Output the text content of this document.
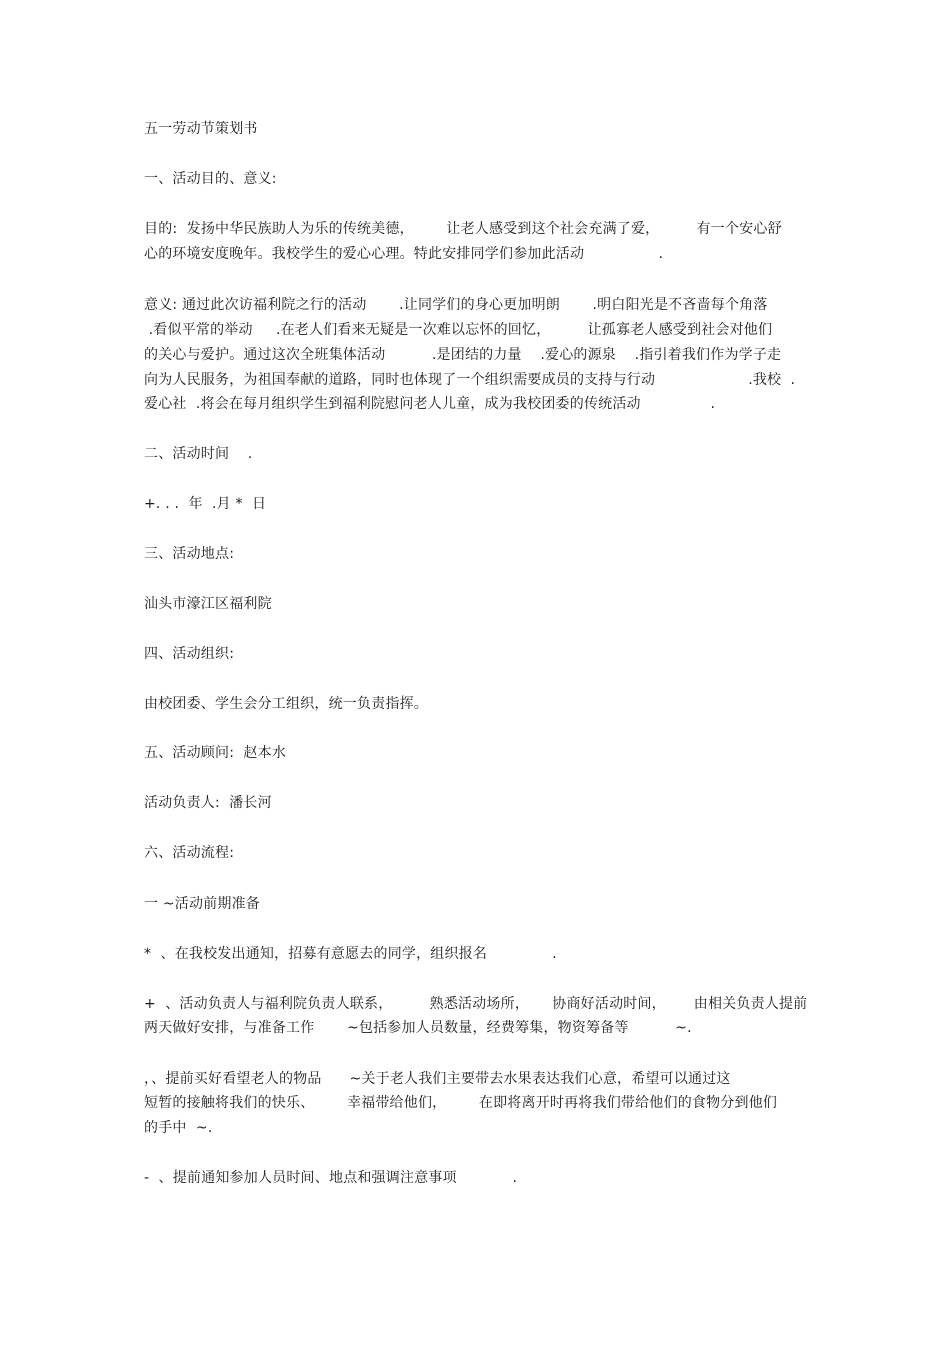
五一劳动节策划书
一、活动目的、意义:
目的:  发扬中华民族助人为乐的传统美德，       让老人感受到这个社会充满了爱，        有一个安心舒
心的环境安度晚年。我校学生的爱心心理。特此安排同学们参加此活动                .
意义: 通过此次访福利院之行的活动       .让同学们的身心更加明朗       .明白阳光是不吝啬每个角落
.看似平常的举动     .在老人们看来无疑是一次难以忘怀的回忆，        让孤寡老人感受到社会对他们
的关心与爱护。通过这次全班集体活动          .是团结的力量    .爱心的源泉    .指引着我们作为学子走
向为人民服务，为祖国奉献的道路，同时也体现了一个组织需要成员的支持与行动                    .我校  .
爱心社  .将会在每月组织学生到福利院慰问老人儿童，成为我校团委的传统活动               .
二、活动时间    .
+. . .  年  .月 *  日
三、活动地点:
汕头市濠江区福利院
四、活动组织:
由校团委、学生会分工组织，统一负责指挥。
五、活动顾问:  赵本水
活动负责人:  潘长河
六、活动流程:
一 ~活动前期准备
*  、在我校发出通知，招募有意愿去的同学，组织报名              .
+  、活动负责人与福利院负责人联系，        熟悉活动场所，     协商好活动时间，      由相关负责人提前
两天做好安排，与准备工作       ~包括参加人员数量，经费筹集，物资筹备等          ~.
，、提前买好看望老人的物品      ~关于老人我们主要带去水果表达我们心意，希望可以通过这
短暂的接触将我们的快乐、       幸福带给他们，       在即将离开时再将我们带给他们的食物分到他们
的手中  ~.
-  、提前通知参加人员时间、地点和强调注意事项            .
